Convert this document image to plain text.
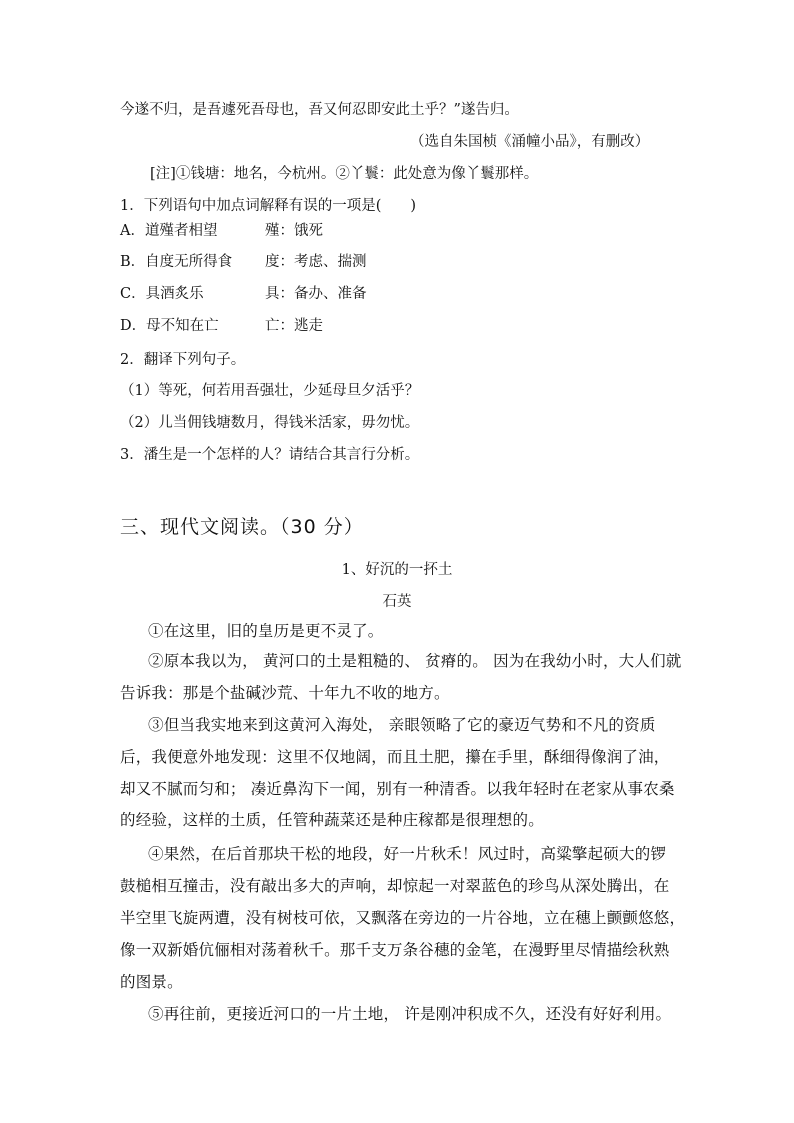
今遂不归，是吾遽死吾母也，吾又何忍即安此土乎？”遂告归。
（选自朱国桢《涌幢小品》，有删改）
[注]①钱塘：地名，今杭州。②丫鬟：此处意为像丫鬟那样。
1．下列语句中加点词解释有误的一项是(　　)
A．道殣者相望	殣：饿死
B．自度无所得食 度：考虑、揣测
C．具酒炙乐	具：备办、准备
D．母不知在亡	亡：逃走
2．翻译下列句子。
（1）等死，何若用吾强壮，少延母旦夕活乎？
（2）儿当佣钱塘数月，得钱米活家，毋勿忧。
3．潘生是一个怎样的人？请结合其言行分析。
三、现代文阅读。（30 分）
1、好沉的一抔土
石英
①在这里，旧的皇历是更不灵了。
②原本我以为， 黄河口的土是粗糙的、 贫瘠的。 因为在我幼小时，大人们就
告诉我：那是个盐碱沙荒、十年九不收的地方。
③但当我实地来到这黄河入海处， 亲眼领略了它的豪迈气势和不凡的资质
后，我便意外地发现：这里不仅地阔，而且土肥，攥在手里，酥细得像润了油，
却又不腻而匀和； 凑近鼻沟下一闻，别有一种清香。以我年轻时在老家从事农桑
的经验，这样的土质，任管种蔬菜还是种庄稼都是很理想的。
④果然，在后首那块干松的地段，好一片秋禾！风过时，高粱擎起硕大的锣
鼓槌相互撞击，没有敲出多大的声响，却惊起一对翠蓝色的珍鸟从深处腾出，在
半空里飞旋两遭，没有树枝可依，又飘落在旁边的一片谷地，立在穗上颤颤悠悠，
像一双新婚伉俪相对荡着秋千。那千支万条谷穗的金笔，在漫野里尽情描绘秋熟
的图景。
⑤再往前，更接近河口的一片土地， 许是刚冲积成不久，还没有好好利用。
